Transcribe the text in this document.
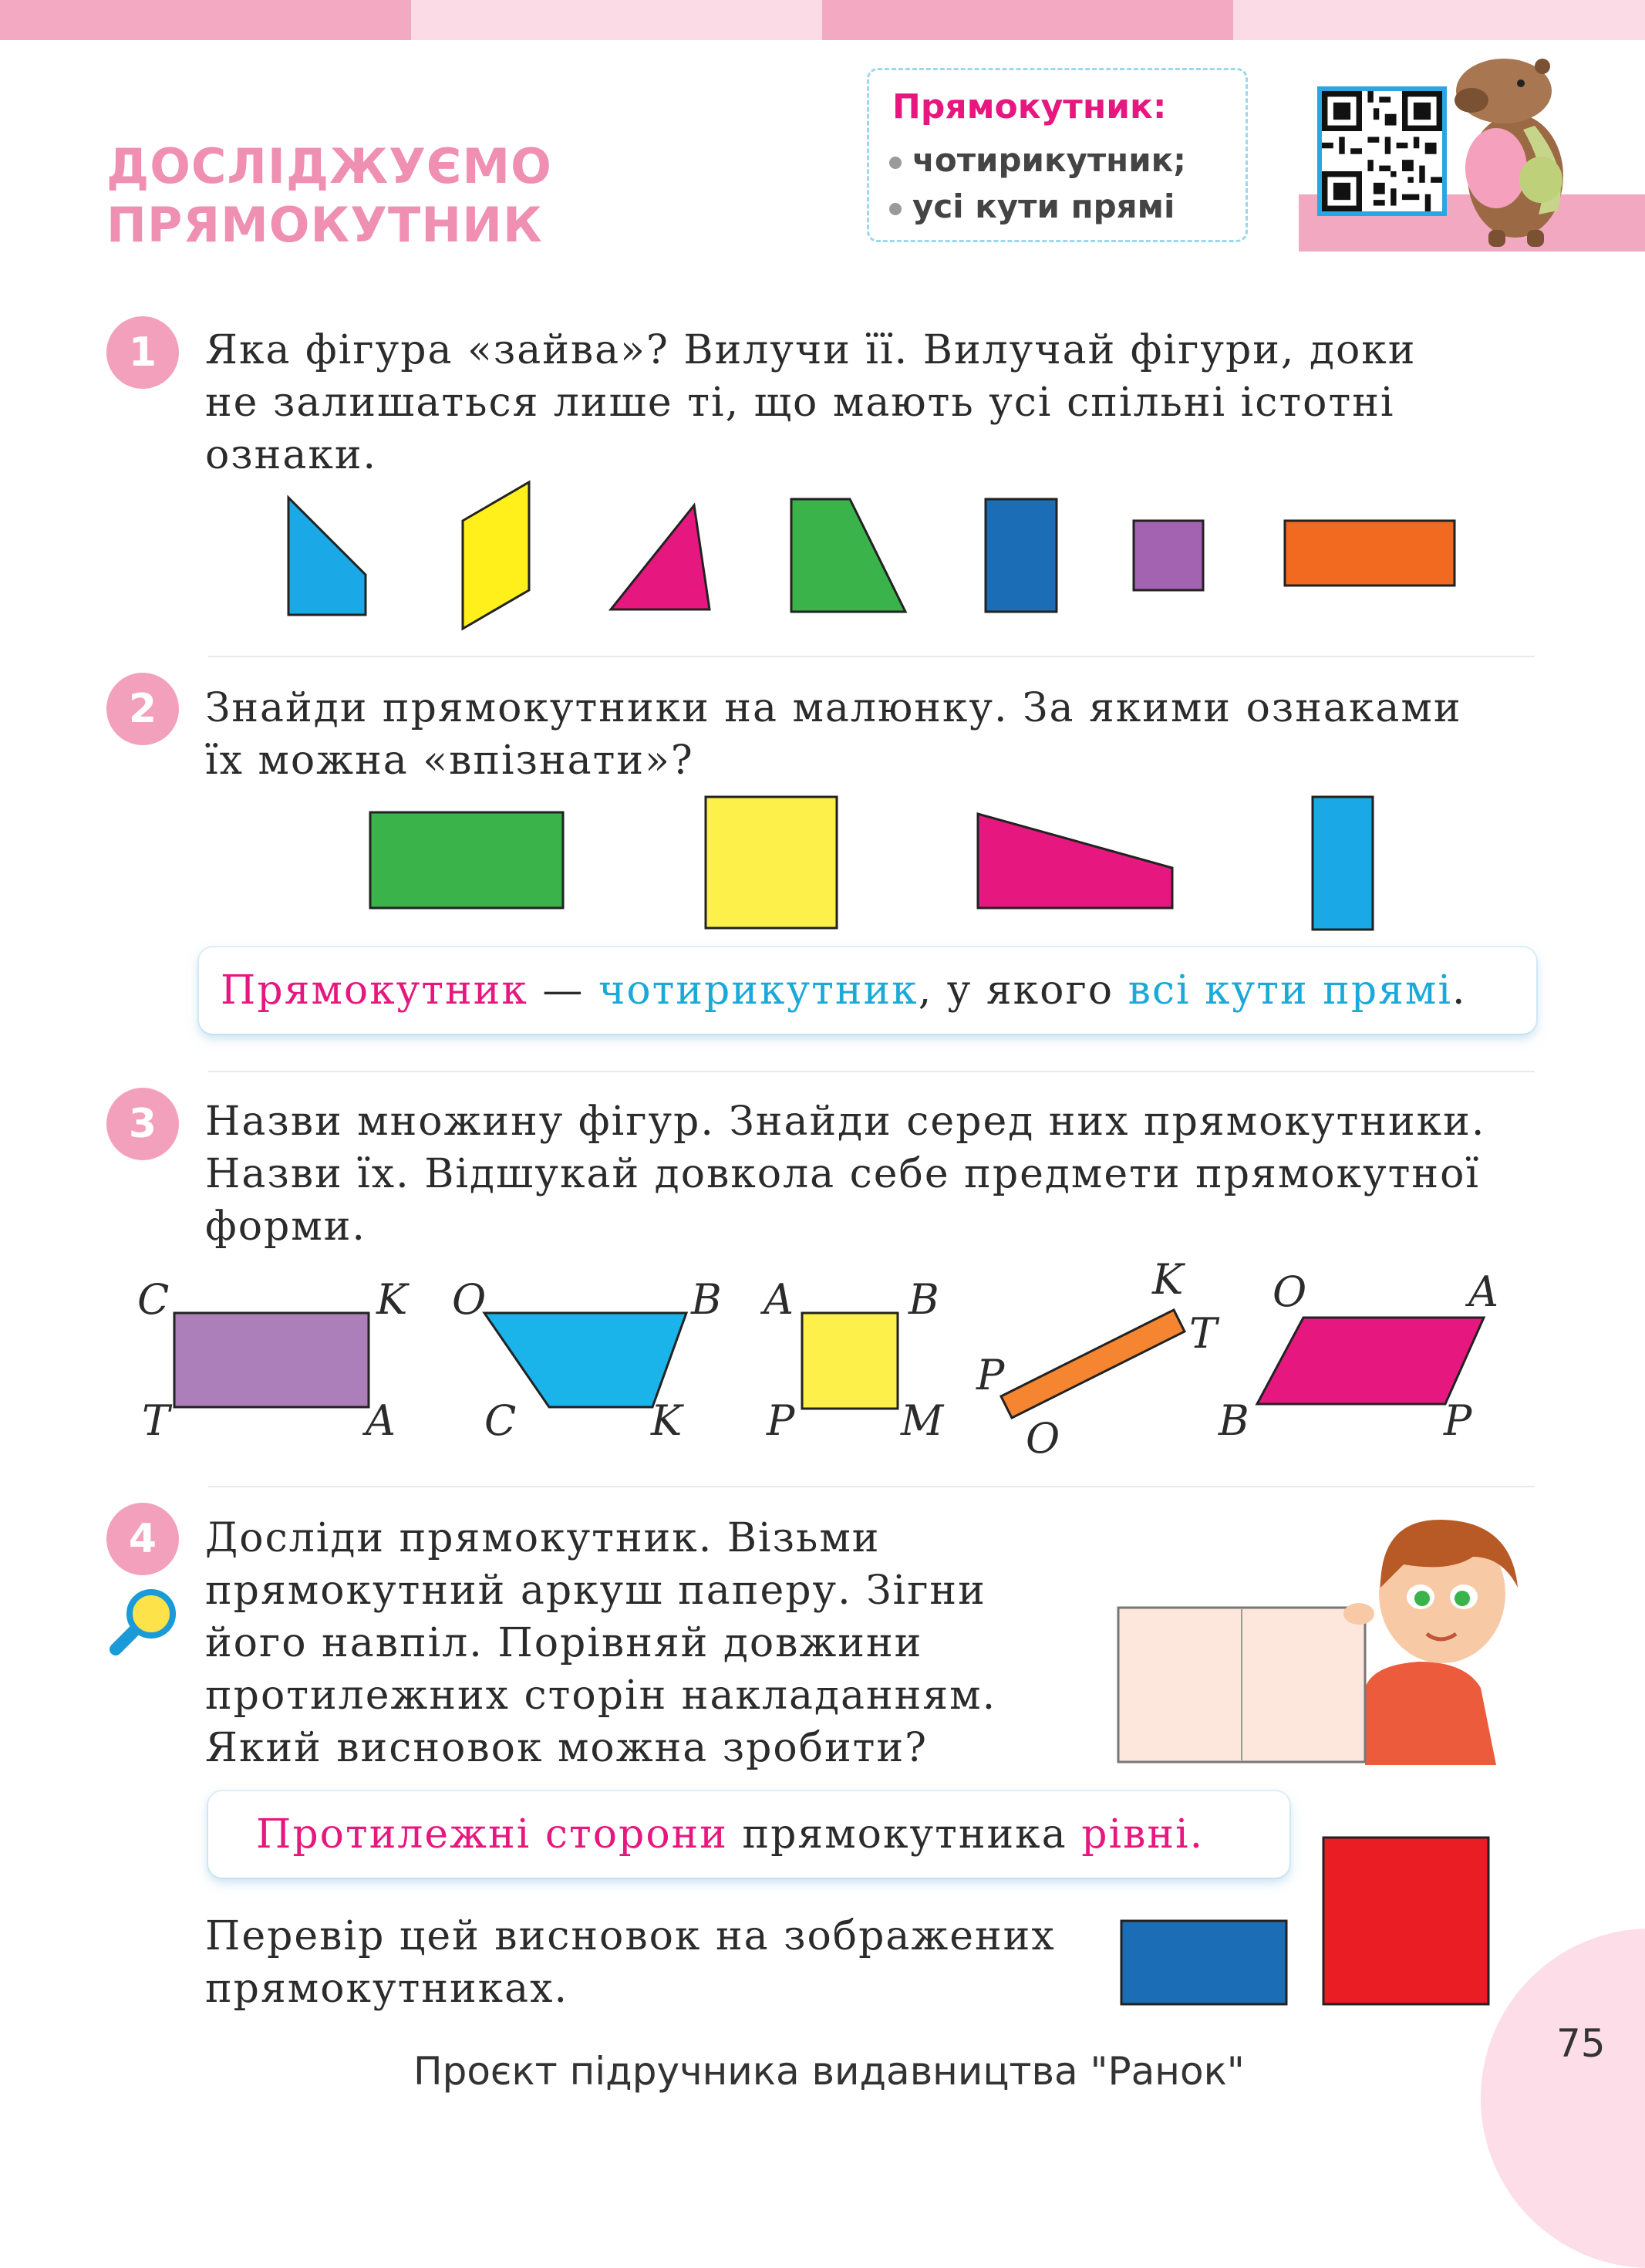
ДОСЛІДЖУЄМО
ПРЯМОКУТНИК
Прямокутник:
чотирикутник;
усі кути прямі
1	Яка фігура «зайва»? Вилучи її. Вилучай фігури, доки
не залишаться лише ті, що мають усі спільні істотні
ознаки.
2	Знайди прямокутники на малюнку. За якими ознаками
їх можна «впізнати»?
Прямокутник — чотирикутник, у якого всі кути прямі.
3	Назви множину фігур. Знайди серед них прямокутники.
Назви їх. Відшукай довкола себе предмети прямокутної
форми.
C	K
T	A
O	B
C	K
A	B
P	M
K
T
P
O
O	A
B	P
4	Досліди прямокутник. Візьми
прямокутний аркуш паперу. Зігни
його навпіл. Порівняй довжини
протилежних сторін накладанням.
Який висновок можна зробити?
Протилежні сторони прямокутника рівні.
Перевір цей висновок на зображених
прямокутниках.
75
Проєкт підручника видавництва "Ранок"
